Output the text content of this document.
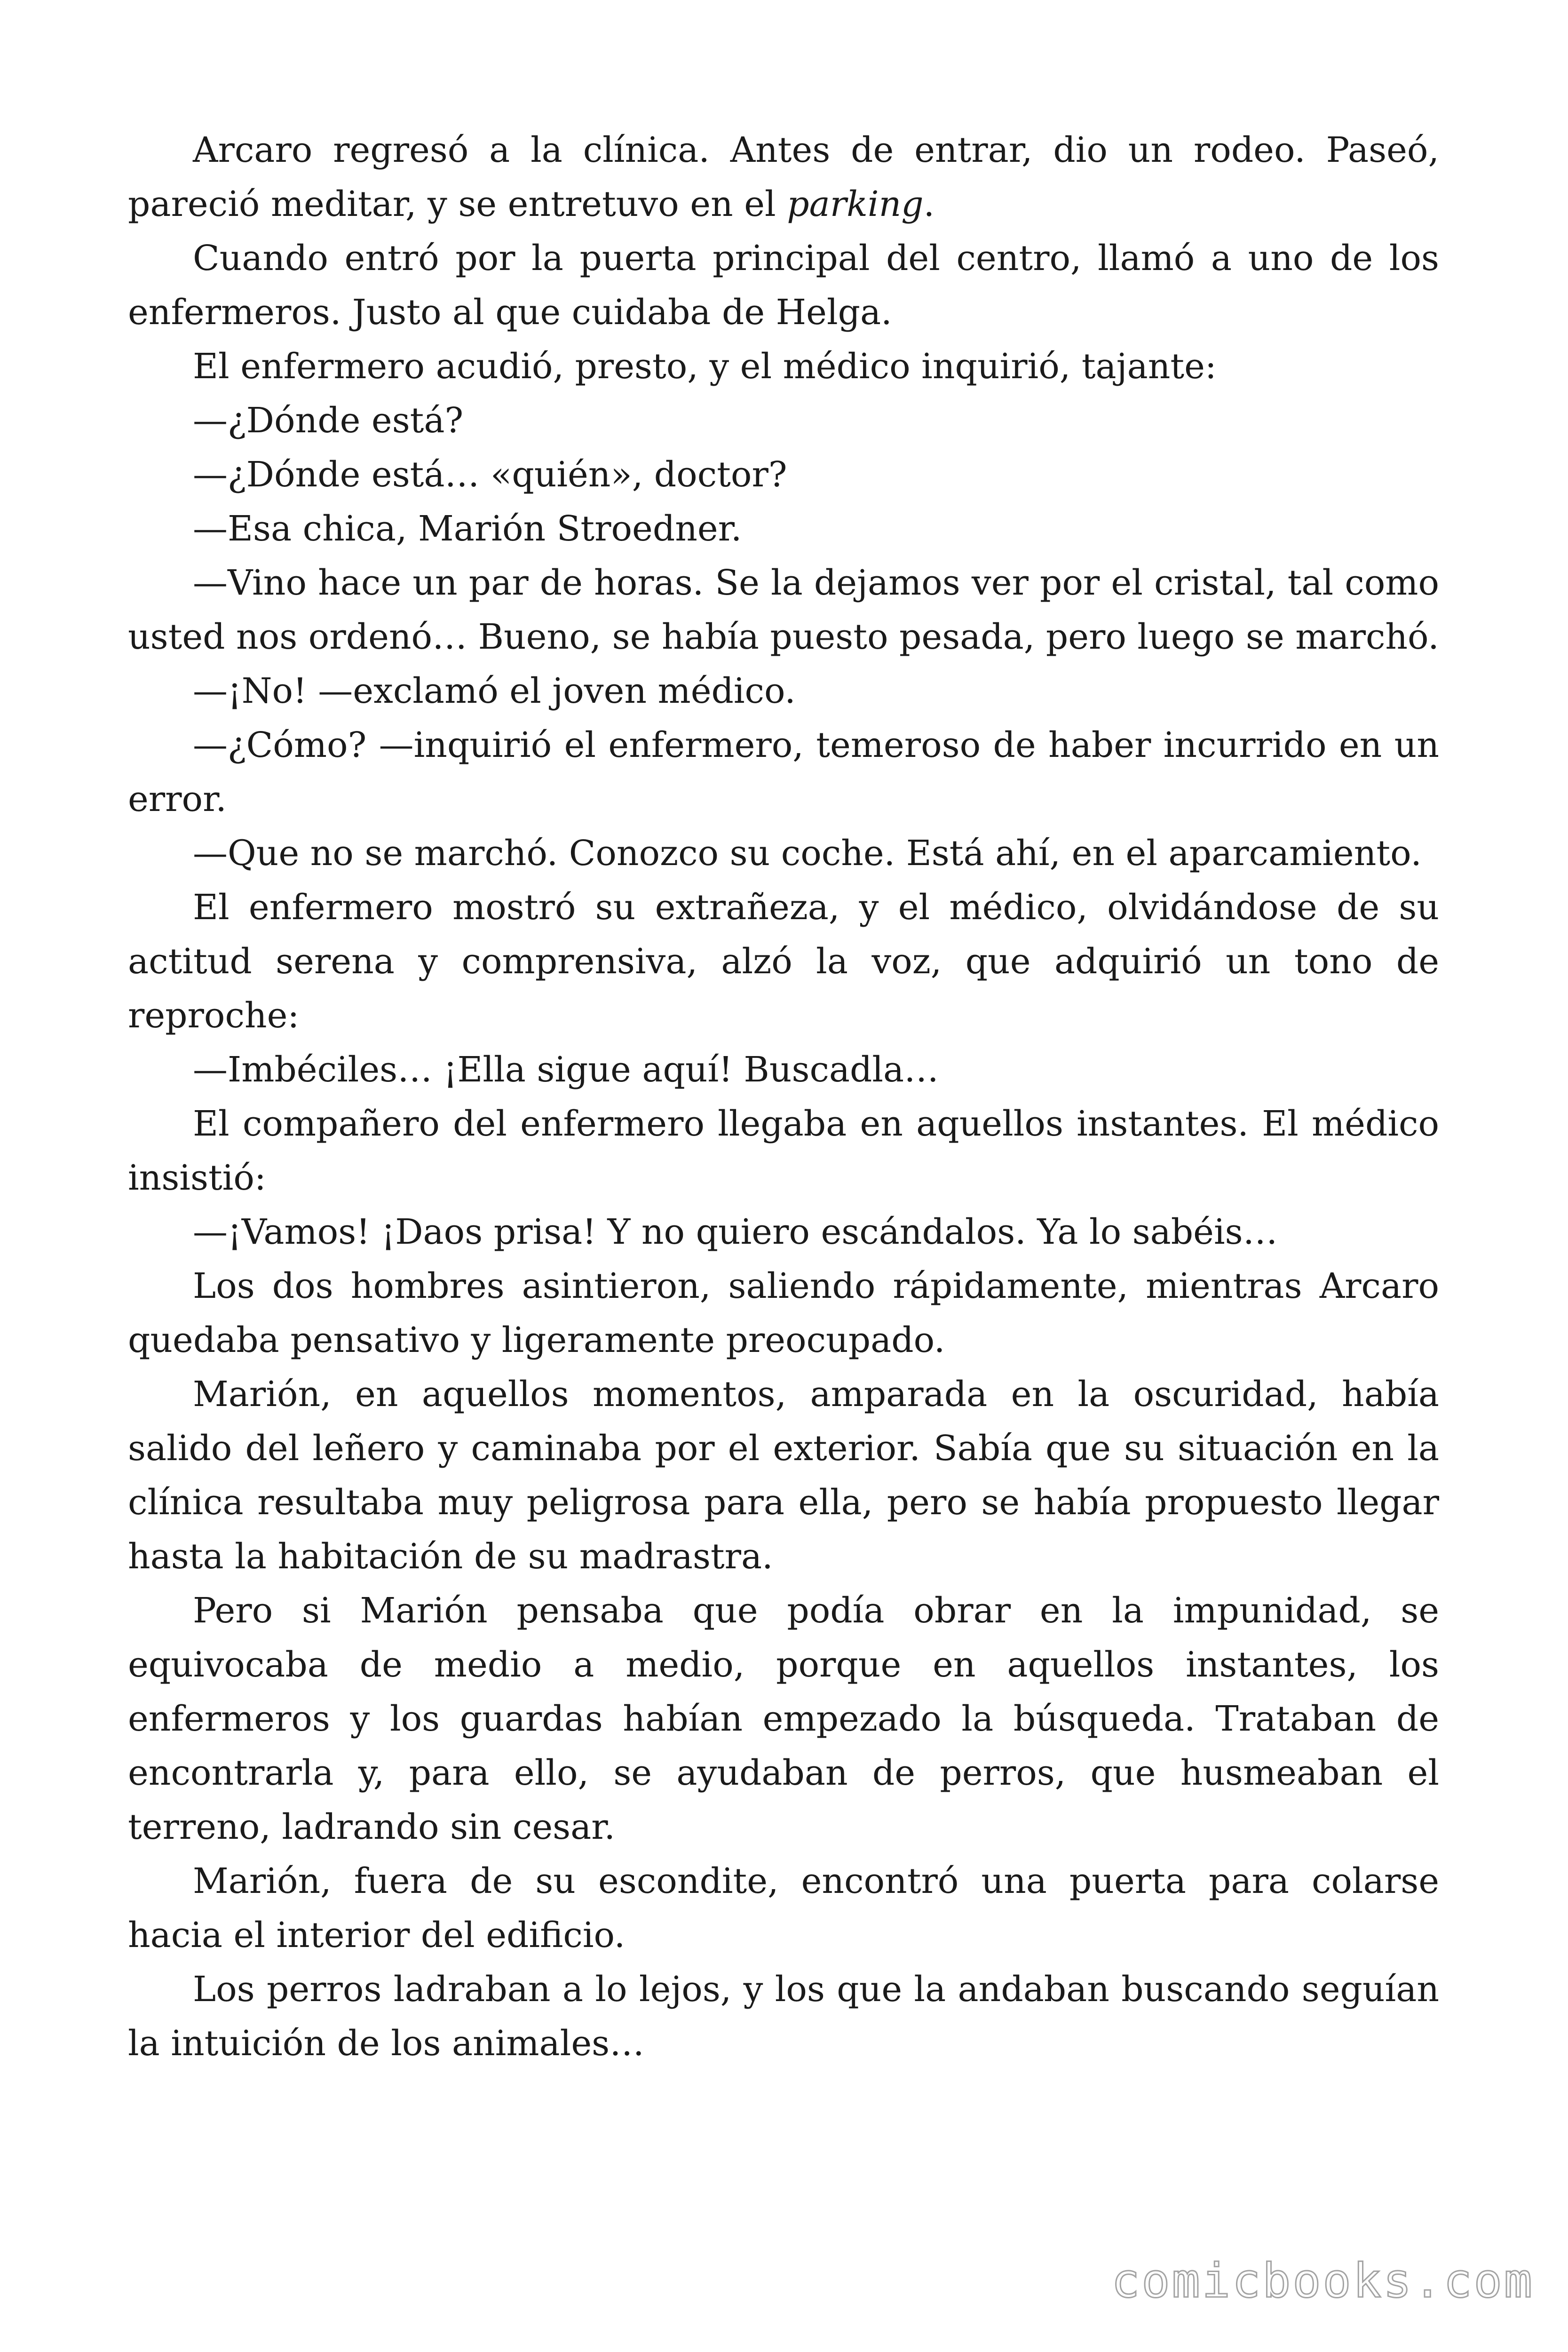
Arcaro regresó a la clínica. Antes de entrar, dio un rodeo. Paseó, pareció meditar, y se entretuvo en el parking.

Cuando entró por la puerta principal del centro, llamó a uno de los enfermeros. Justo al que cuidaba de Helga.

El enfermero acudió, presto, y el médico inquirió, tajante:

—¿Dónde está?

—¿Dónde está… «quién», doctor?

—Esa chica, Marión Stroedner.

—Vino hace un par de horas. Se la dejamos ver por el cristal, tal como usted nos ordenó… Bueno, se había puesto pesada, pero luego se marchó.

—¡No! —exclamó el joven médico.

—¿Cómo? —inquirió el enfermero, temeroso de haber incurrido en un error.

—Que no se marchó. Conozco su coche. Está ahí, en el aparcamiento.

El enfermero mostró su extrañeza, y el médico, olvidándose de su actitud serena y comprensiva, alzó la voz, que adquirió un tono de reproche:

—Imbéciles… ¡Ella sigue aquí! Buscadla…

El compañero del enfermero llegaba en aquellos instantes. El médico insistió:

—¡Vamos! ¡Daos prisa! Y no quiero escándalos. Ya lo sabéis…

Los dos hombres asintieron, saliendo rápidamente, mientras Arcaro quedaba pensativo y ligeramente preocupado.

Marión, en aquellos momentos, amparada en la oscuridad, había salido del leñero y caminaba por el exterior. Sabía que su situación en la clínica resultaba muy peligrosa para ella, pero se había propuesto llegar hasta la habitación de su madrastra.

Pero si Marión pensaba que podía obrar en la impunidad, se equivocaba de medio a medio, porque en aquellos instantes, los enfermeros y los guardas habían empezado la búsqueda. Trataban de encontrarla y, para ello, se ayudaban de perros, que husmeaban el terreno, ladrando sin cesar.

Marión, fuera de su escondite, encontró una puerta para colarse hacia el interior del edificio.

Los perros ladraban a lo lejos, y los que la andaban buscando seguían la intuición de los animales…

comicbooks.com
